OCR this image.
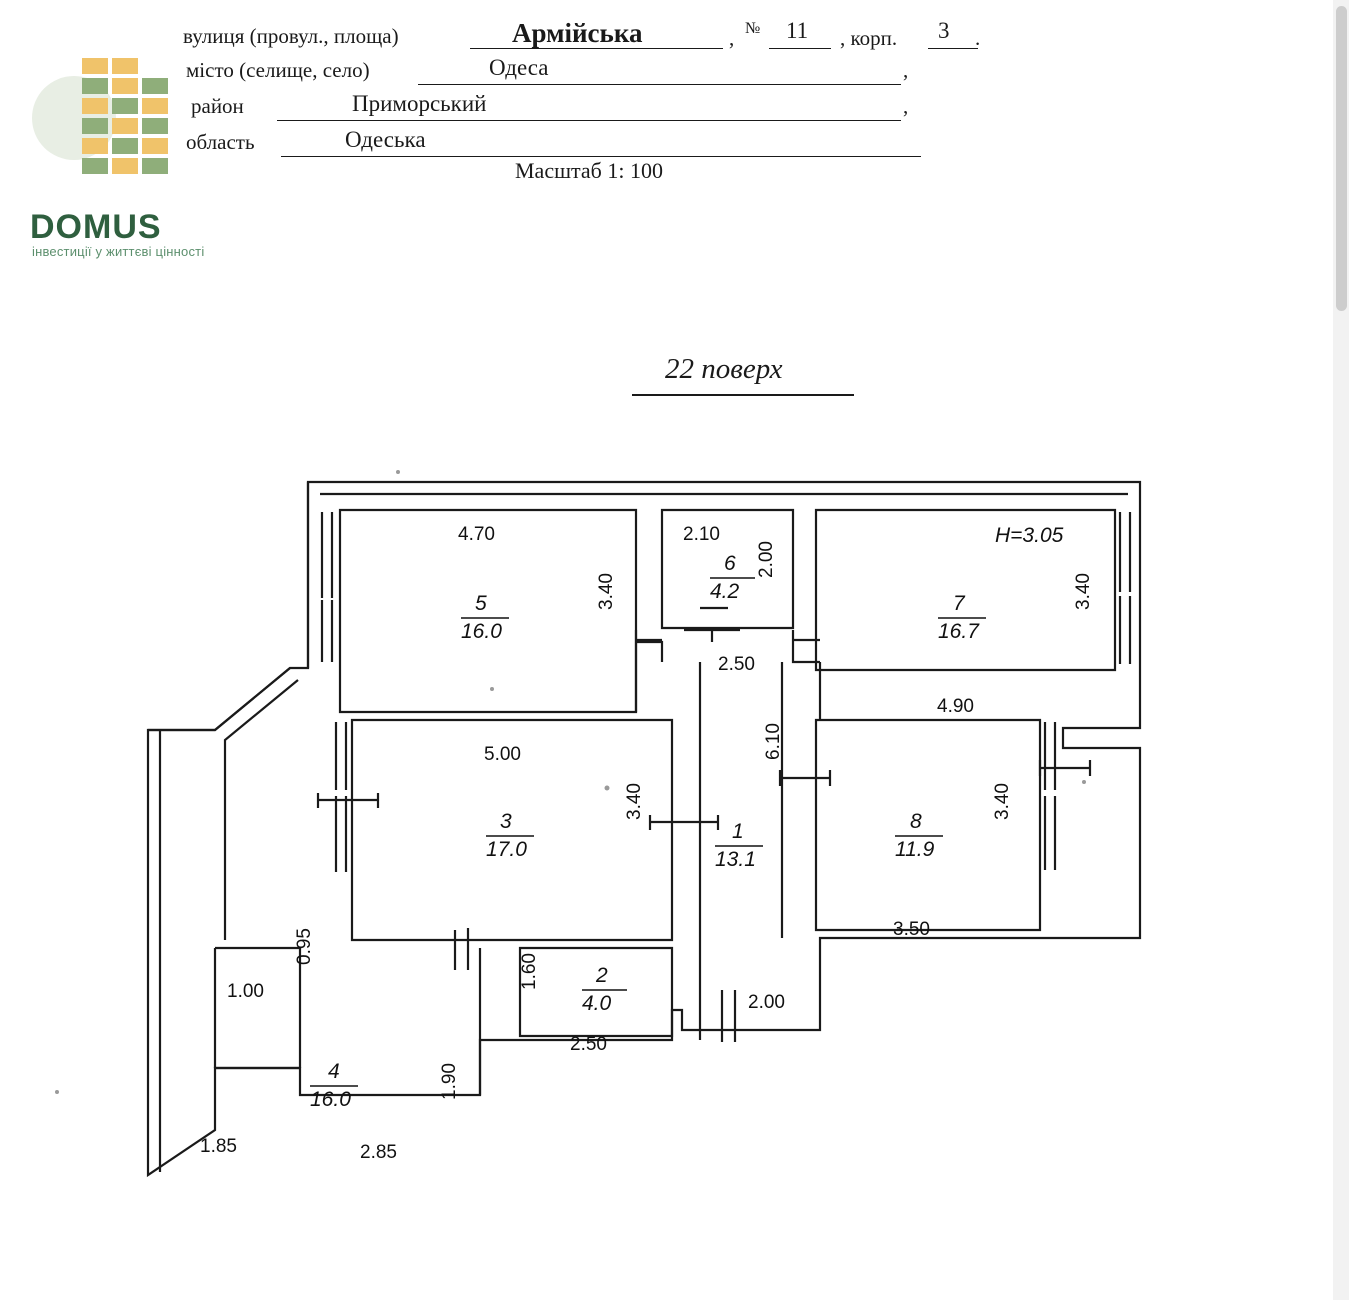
вулиця (провул., площа)	Армійська	, № 11 , корп. 3 .
місто (селище, село)	Одеса	,
район	Приморський	,
область	Одеська
Масштаб 1: 100
DOMUS
інвестиції у життєві цінності
22 поверх
4.70
3.40
2.10
2.00
2.50
3.40
4.90
6.10
5.00
3.40	3.40
3.50
0.95
1.00
1.60
2.50
2.00
1.90
1.85	2.85
H=3.05
5
16.0
6
4.2
7
16.7
3
17.0
1
13.1
8
11.9
2
4.0
4
16.0
